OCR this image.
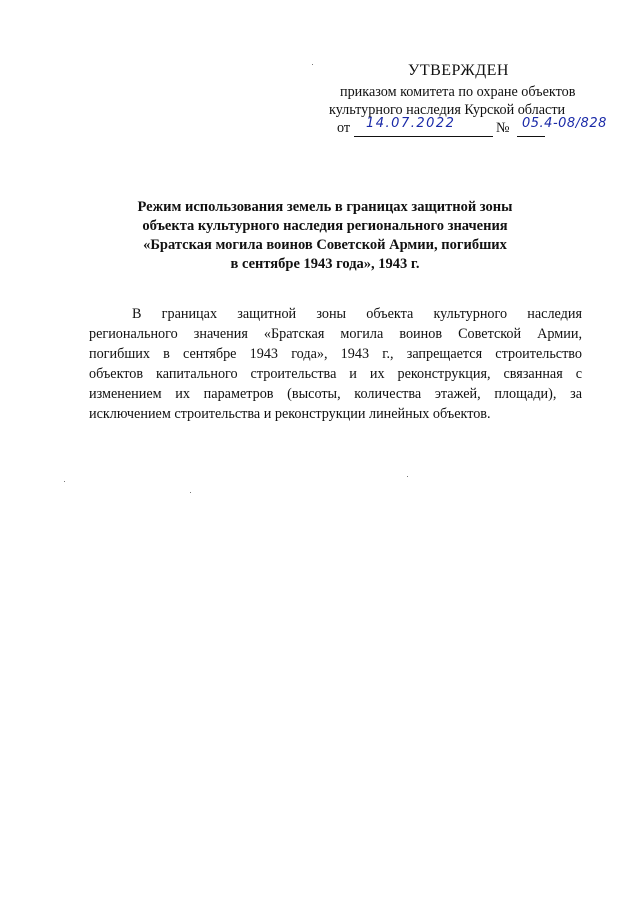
УТВЕРЖДЕН
приказом комитета по охране объектов
культурного наследия Курской области
от 14.07.2022	№ 05.4-08/828
Режим использования земель в границах защитной зоны
объекта культурного наследия регионального значения
«Братская могила воинов Советской Армии, погибших
в сентябре 1943 года», 1943 г.
В границах защитной зоны объекта культурного наследия
регионального значения «Братская могила воинов Советской Армии,
погибших в сентябре 1943 года», 1943 г., запрещается строительство
объектов капитального строительства и их реконструкция, связанная с
изменением их параметров (высоты, количества этажей, площади), за
исключением строительства и реконструкции линейных объектов.
